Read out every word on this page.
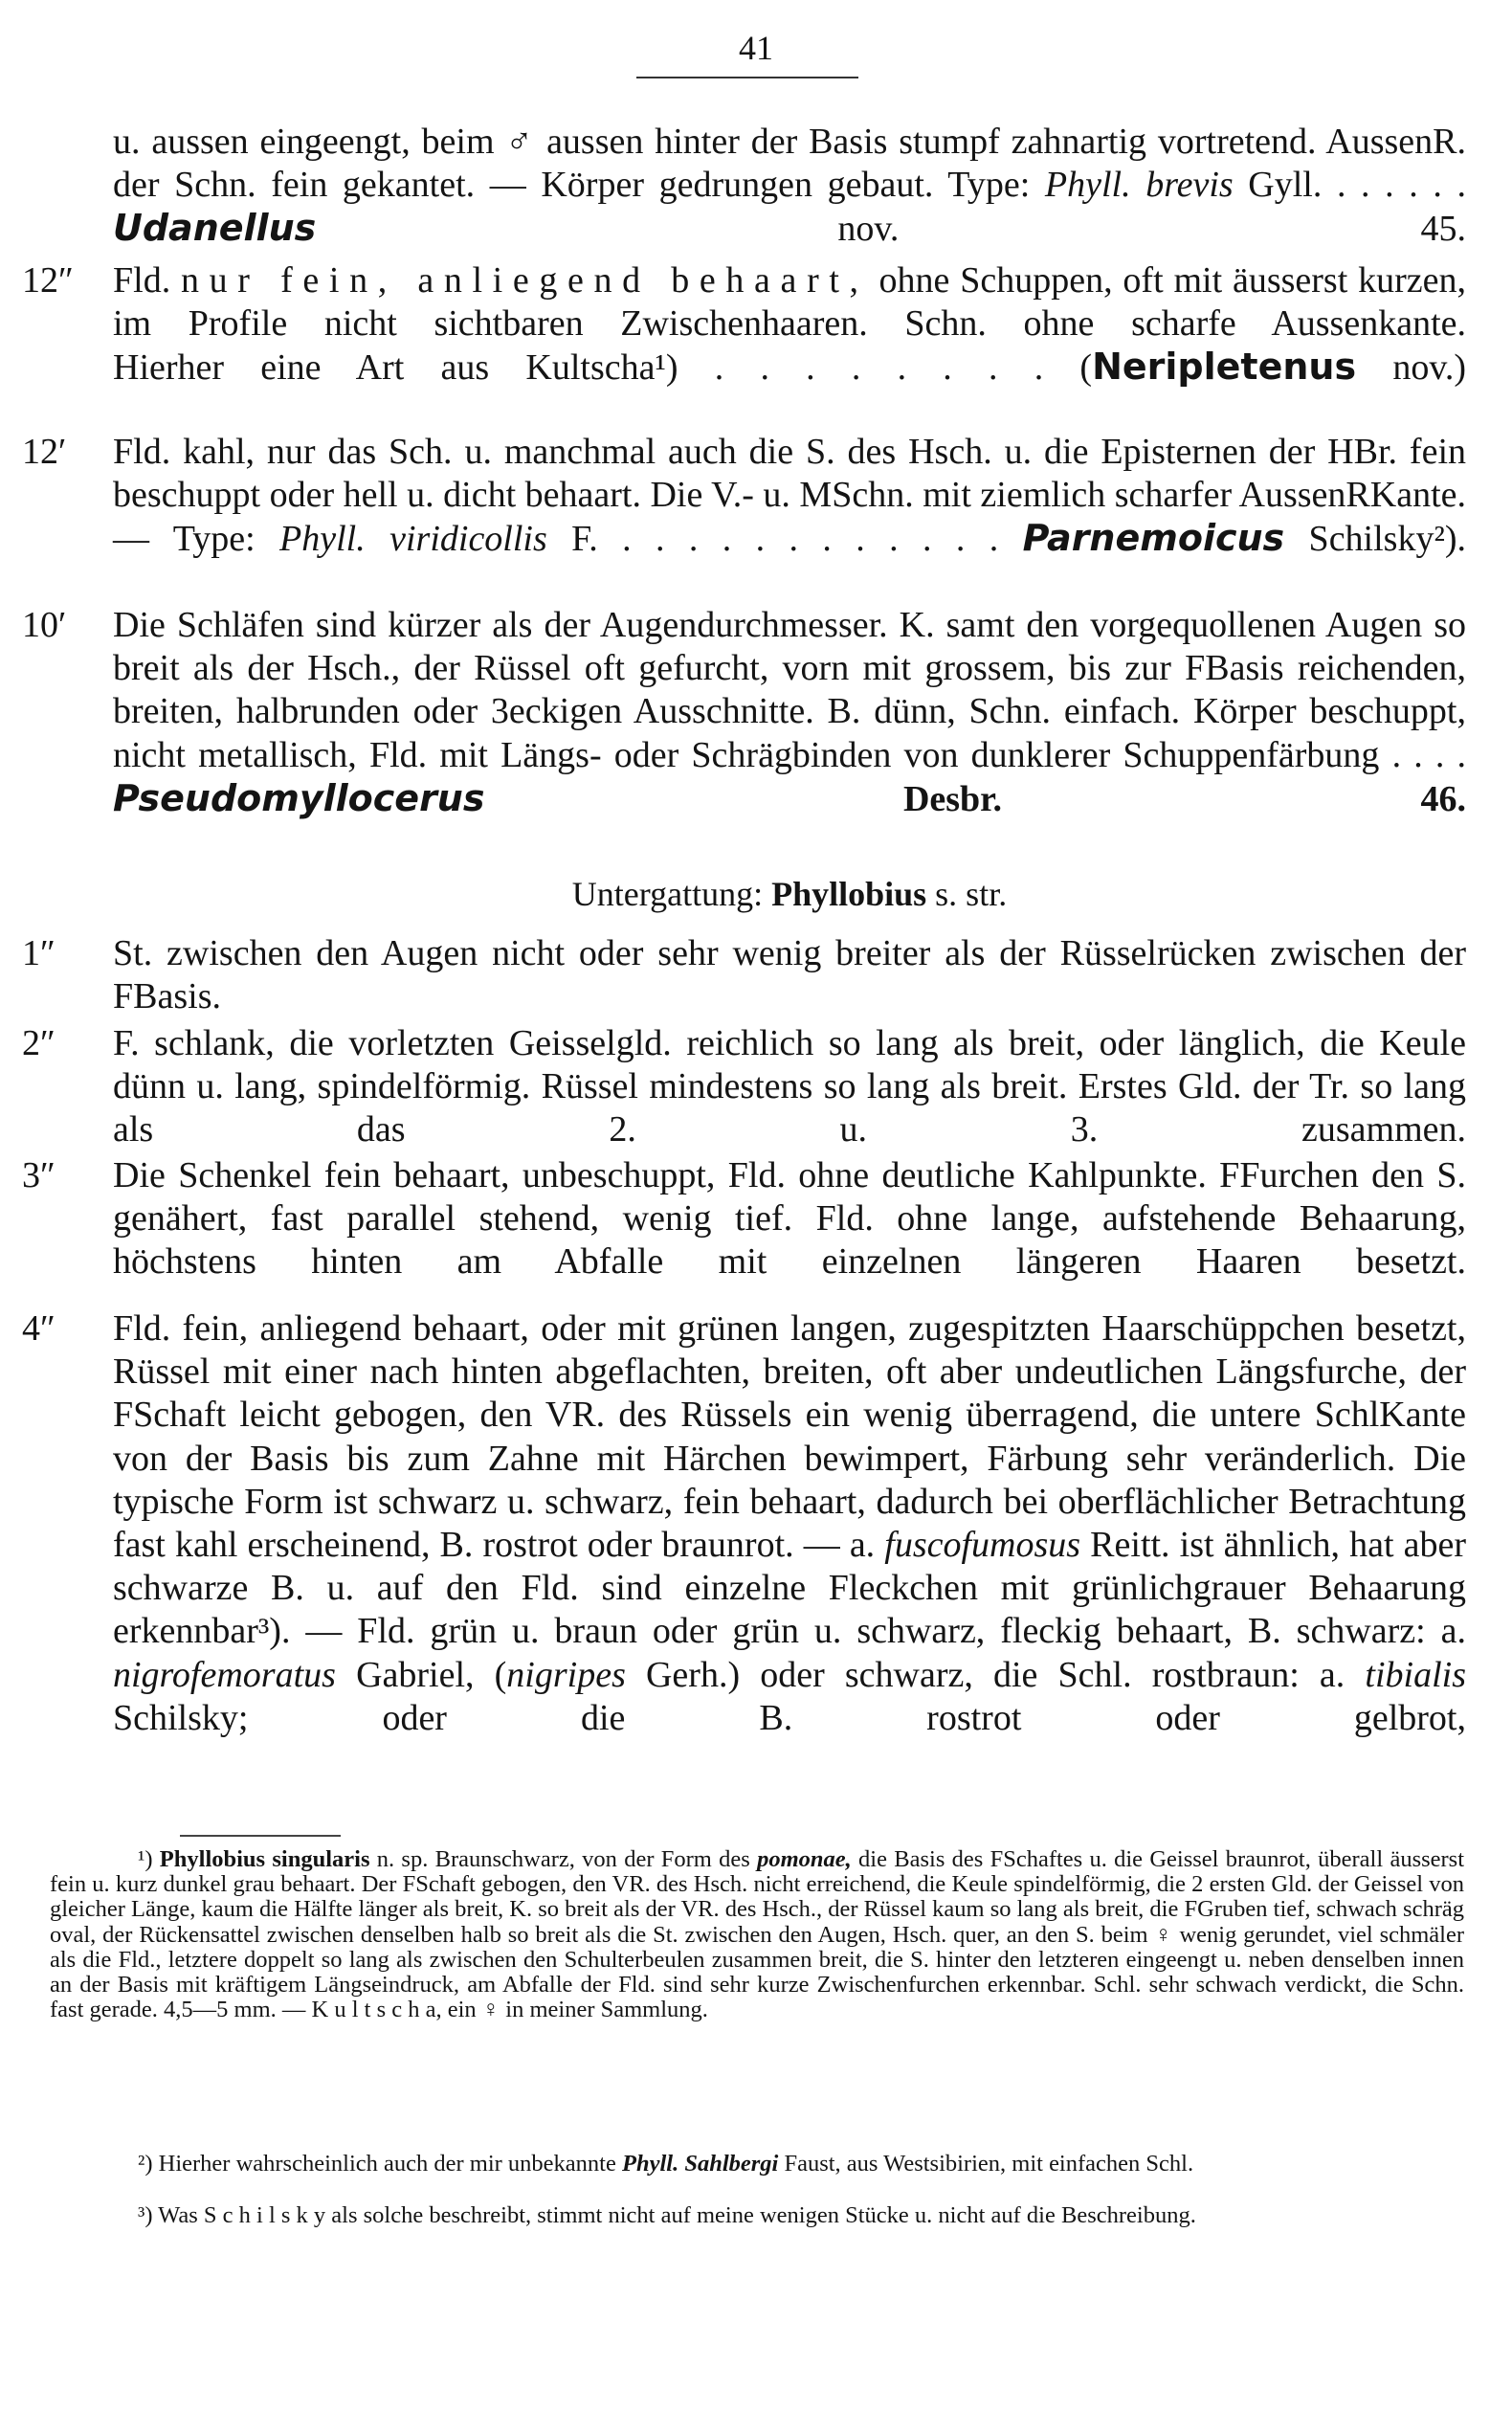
41

u. aussen eingeengt, beim ♂ aussen hinter der Basis stumpf zahnartig vortretend. AussenR. der Schn. fein gekantet. — Körper gedrungen gebaut. Type: Phyll. brevis Gyll. . . . . . . Udanellus nov. 45.

12″ Fld. nur fein, anliegend behaart, ohne Schuppen, oft mit äusserst kurzen, im Profile nicht sichtbaren Zwischenhaaren. Schn. ohne scharfe Aussenkante.
Hierher eine Art aus Kultscha¹) . . . . . . . . (Neripletenus nov.)

12′ Fld. kahl, nur das Sch. u. manchmal auch die S. des Hsch. u. die Episternen der HBr. fein beschuppt oder hell u. dicht behaart. Die V.- u. MSchn. mit ziemlich scharfer AussenRKante. — Type: Phyll. viridicollis F. . . . . . . . . . . . . Parnemoicus Schilsky²).

10′ Die Schläfen sind kürzer als der Augendurchmesser. K. samt den vorgequollenen Augen so breit als der Hsch., der Rüssel oft gefurcht, vorn mit grossem, bis zur FBasis reichenden, breiten, halbrunden oder 3eckigen Ausschnitte. B. dünn, Schn. einfach. Körper beschuppt, nicht metallisch, Fld. mit Längs- oder Schrägbinden von dunklerer Schuppenfärbung . . . . Pseudomyllocerus	Desbr. 46.

Untergattung: Phyllobius s. str.

1″ St. zwischen den Augen nicht oder sehr wenig breiter als der Rüsselrücken zwischen der FBasis.

2″ F. schlank, die vorletzten Geisselgld. reichlich so lang als breit, oder länglich, die Keule dünn u. lang, spindelförmig. Rüssel mindestens so lang als breit. Erstes Gld. der Tr. so lang als das 2. u. 3. zusammen.

3″ Die Schenkel fein behaart, unbeschuppt, Fld. ohne deutliche Kahlpunkte. FFurchen den S. genähert, fast parallel stehend, wenig tief. Fld. ohne lange, aufstehende Behaarung, höchstens hinten am Abfalle mit einzelnen längeren Haaren besetzt.

4″ Fld. fein, anliegend behaart, oder mit grünen langen, zugespitzten Haarschüppchen besetzt, Rüssel mit einer nach hinten abgeflachten, breiten, oft aber undeutlichen Längsfurche, der FSchaft leicht gebogen, den VR. des Rüssels ein wenig überragend, die untere SchlKante von der Basis bis zum Zahne mit Härchen bewimpert, Färbung sehr veränderlich. Die typische Form ist schwarz u. schwarz, fein behaart, dadurch bei oberflächlicher Betrachtung fast kahl erscheinend, B. rostrot oder braunrot. — a. fuscofumosus Reitt. ist ähnlich, hat aber schwarze B. u. auf den Fld. sind einzelne Fleckchen mit grünlichgrauer Behaarung erkennbar³). — Fld. grün u. braun oder grün u. schwarz, fleckig behaart, B. schwarz: a. nigrofemoratus Gabriel, (nigripes Gerh.) oder schwarz, die Schl. rostbraun: a. tibialis Schilsky; oder die B. rostrot oder gelbrot,

¹) Phyllobius singularis n. sp. Braunschwarz, von der Form des pomonae, die Basis des FSchaftes u. die Geissel braunrot, überall äusserst fein u. kurz dunkel grau behaart. Der FSchaft gebogen, den VR. des Hsch. nicht erreichend, die Keule spindelförmig, die 2 ersten Gld. der Geissel von gleicher Länge, kaum die Hälfte länger als breit, K. so breit als der VR. des Hsch., der Rüssel kaum so lang als breit, die FGruben tief, schwach schräg oval, der Rückensattel zwischen denselben halb so breit als die St. zwischen den Augen, Hsch. quer, an den S. beim ♀ wenig gerundet, viel schmäler als die Fld., letztere doppelt so lang als zwischen den Schulterbeulen zusammen breit, die S. hinter den letzteren eingeengt u. neben denselben innen an der Basis mit kräftigem Längseindruck, am Abfalle der Fld. sind sehr kurze Zwischenfurchen erkennbar. Schl. sehr schwach verdickt, die Schn. fast gerade. 4,5—5 mm. — K u l t s c h a, ein ♀ in meiner Sammlung.
²) Hierher wahrscheinlich auch der mir unbekannte Phyll. Sahlbergi Faust, aus Westsibirien, mit einfachen Schl.
³) Was S c h i l s k y als solche beschreibt, stimmt nicht auf meine wenigen Stücke u. nicht auf die Beschreibung.
